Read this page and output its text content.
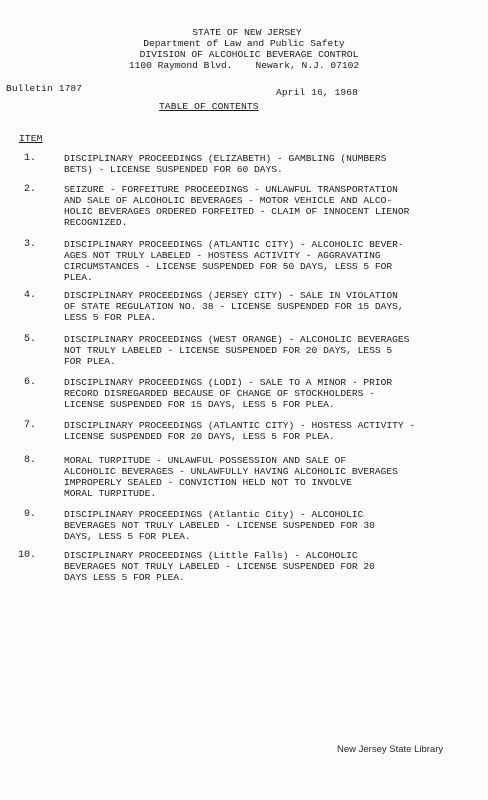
STATE OF NEW JERSEY
Department of Law and Public Safety
DIVISION OF ALCOHOLIC BEVERAGE CONTROL
1100 Raymond Blvd.    Newark, N.J. 07102
Bulletin 1787	April 16, 1968
TABLE OF CONTENTS
ITEM
1.	DISCIPLINARY PROCEEDINGS (ELIZABETH) - GAMBLING (NUMBERS
BETS) - LICENSE SUSPENDED FOR 60 DAYS.
2.	SEIZURE - FORFEITURE PROCEEDINGS - UNLAWFUL TRANSPORTATION
AND SALE OF ALCOHOLIC BEVERAGES - MOTOR VEHICLE AND ALCO-
HOLIC BEVERAGES ORDERED FORFEITED - CLAIM OF INNOCENT LIENOR
RECOGNIZED.
3.	DISCIPLINARY PROCEEDINGS (ATLANTIC CITY) - ALCOHOLIC BEVER-
AGES NOT TRULY LABELED - HOSTESS ACTIVITY - AGGRAVATING
CIRCUMSTANCES - LICENSE SUSPENDED FOR 50 DAYS, LESS 5 FOR
PLEA.
4.	DISCIPLINARY PROCEEDINGS (JERSEY CITY) - SALE IN VIOLATION
OF STATE REGULATION NO. 38 - LICENSE SUSPENDED FOR 15 DAYS,
LESS 5 FOR PLEA.
5.	DISCIPLINARY PROCEEDINGS (WEST ORANGE) - ALCOHOLIC BEVERAGES
NOT TRULY LABELED - LICENSE SUSPENDED FOR 20 DAYS, LESS 5
FOR PLEA.
6.	DISCIPLINARY PROCEEDINGS (LODI) - SALE TO A MINOR - PRIOR
RECORD DISREGARDED BECAUSE OF CHANGE OF STOCKHOLDERS -
LICENSE SUSPENDED FOR 15 DAYS, LESS 5 FOR PLEA.
7.	DISCIPLINARY PROCEEDINGS (ATLANTIC CITY) - HOSTESS ACTIVITY -
LICENSE SUSPENDED FOR 20 DAYS, LESS 5 FOR PLEA.
8.	MORAL TURPITUDE - UNLAWFUL POSSESSION AND SALE OF
ALCOHOLIC BEVERAGES - UNLAWFULLY HAVING ALCOHOLIC BVERAGES
IMPROPERLY SEALED - CONVICTION HELD NOT TO INVOLVE
MORAL TURPITUDE.
9.	DISCIPLINARY PROCEEDINGS (Atlantic City) - ALCOHOLIC
BEVERAGES NOT TRULY LABELED - LICENSE SUSPENDED FOR 30
DAYS, LESS 5 FOR PLEA.
10.	DISCIPLINARY PROCEEDINGS (Little Falls) - ALCOHOLIC
BEVERAGES NOT TRULY LABELED - LICENSE SUSPENDED FOR 20
DAYS LESS 5 FOR PLEA.
New Jersey State Library
